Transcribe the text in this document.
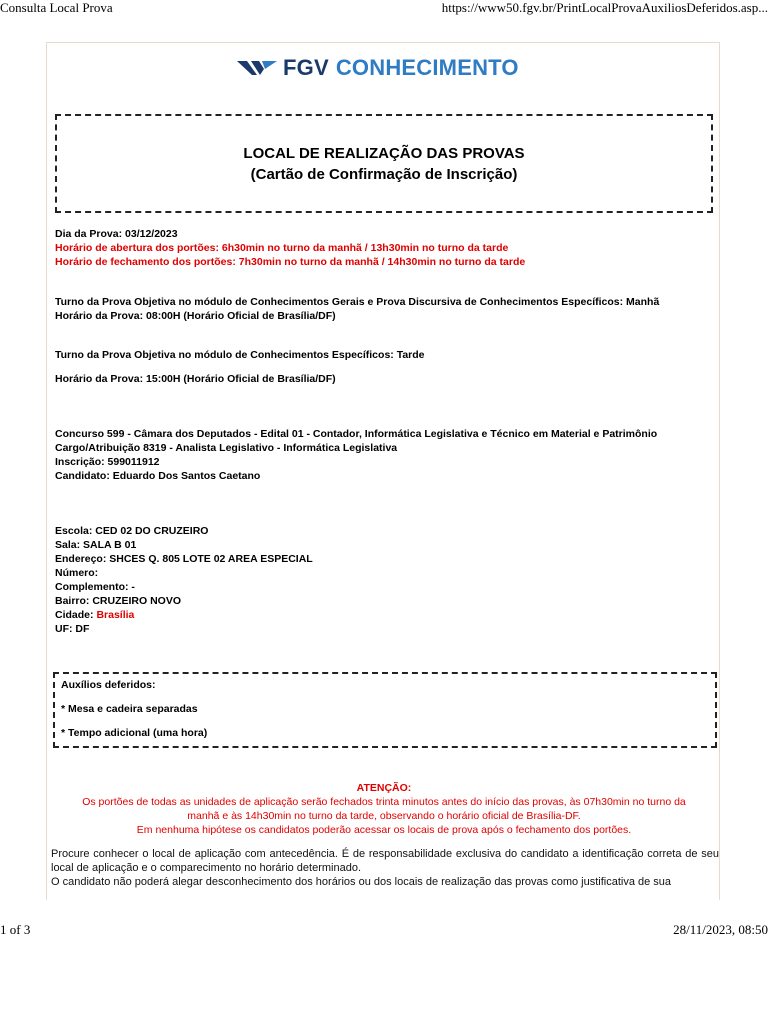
Consulta Local Prova	https://www50.fgv.br/PrintLocalProvaAuxiliosDeferidos.asp...
FGV CONHECIMENTO
LOCAL DE REALIZAÇÃO DAS PROVAS
(Cartão de Confirmação de Inscrição)
Dia da Prova: 03/12/2023
Horário de abertura dos portões: 6h30min no turno da manhã / 13h30min no turno da tarde
Horário de fechamento dos portões: 7h30min no turno da manhã / 14h30min no turno da tarde
Turno da Prova Objetiva no módulo de Conhecimentos Gerais e Prova Discursiva de Conhecimentos Específicos: Manhã
Horário da Prova: 08:00H (Horário Oficial de Brasília/DF)
Turno da Prova Objetiva no módulo de Conhecimentos Específicos: Tarde
Horário da Prova: 15:00H (Horário Oficial de Brasília/DF)
Concurso 599 - Câmara dos Deputados - Edital 01 - Contador, Informática Legislativa e Técnico em Material e Patrimônio
Cargo/Atribuição 8319 - Analista Legislativo - Informática Legislativa
Inscrição: 599011912
Candidato: Eduardo Dos Santos Caetano
Escola: CED 02 DO CRUZEIRO
Sala: SALA B 01
Endereço: SHCES Q. 805 LOTE 02 AREA ESPECIAL
Número:
Complemento: -
Bairro: CRUZEIRO NOVO
Cidade: Brasília
UF: DF
Auxílios deferidos:
* Mesa e cadeira separadas
* Tempo adicional (uma hora)
ATENÇÃO:
Os portões de todas as unidades de aplicação serão fechados trinta minutos antes do início das provas, às 07h30min no turno da
manhã e às 14h30min no turno da tarde, observando o horário oficial de Brasília-DF.
Em nenhuma hipótese os candidatos poderão acessar os locais de prova após o fechamento dos portões.

Procure conhecer o local de aplicação com antecedência. É de responsabilidade exclusiva do candidato a identificação correta de seu local de aplicação e o comparecimento no horário determinado.

O candidato não poderá alegar desconhecimento dos horários ou dos locais de realização das provas como justificativa de sua

1 of 3	28/11/2023, 08:50
